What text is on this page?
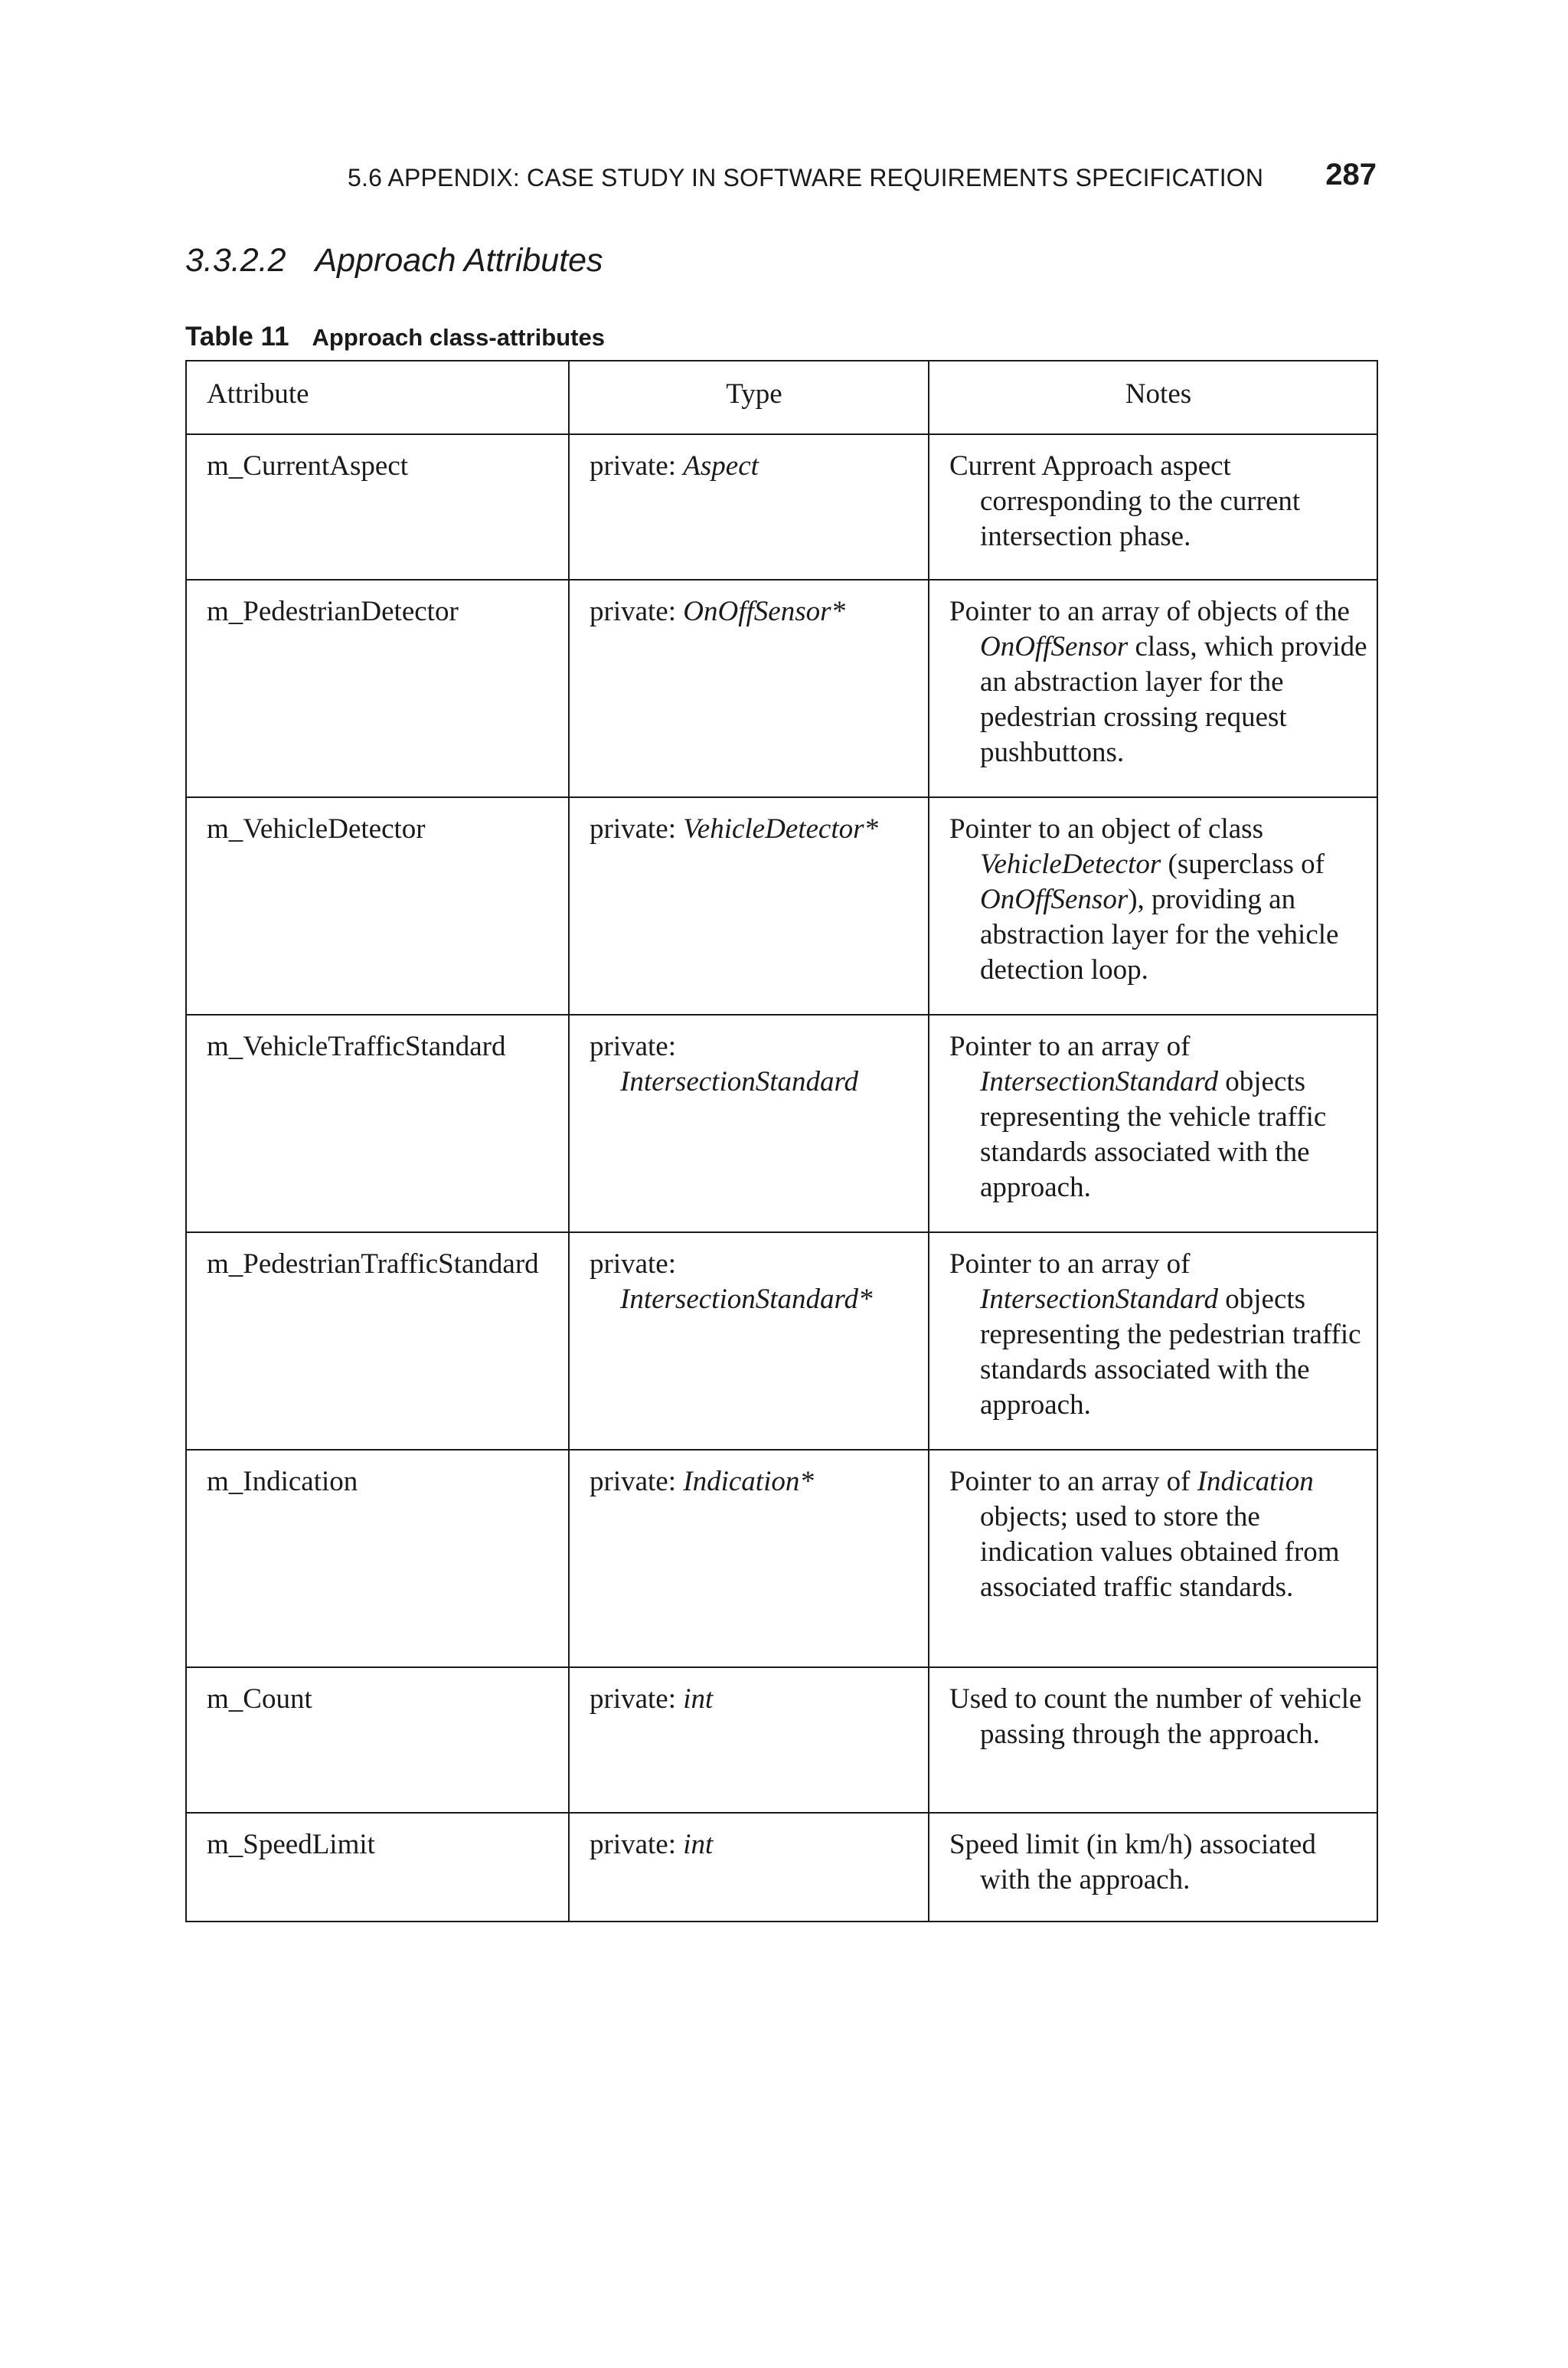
5.6 APPENDIX: CASE STUDY IN SOFTWARE REQUIREMENTS SPECIFICATION 287
3.3.2.2 Approach Attributes
Table 11 Approach class-attributes
Attribute	Type	Notes
m_CurrentAspect	private: Aspect	Current Approach aspect corresponding to the current intersection phase.

m_PedestrianDetector	private: OnOffSensor*	Pointer to an array of objects of the OnOffSensor class, which provide an abstraction layer for the pedestrian crossing request pushbuttons.

m_VehicleDetector	private: VehicleDetector*	Pointer to an object of class VehicleDetector (superclass of OnOffSensor), providing an abstraction layer for the vehicle detection loop.

m_VehicleTrafficStandard	private: IntersectionStandard	Pointer to an array of IntersectionStandard objects representing the vehicle traffic standards associated with the approach.

m_PedestrianTrafficStandard	private: IntersectionStandard*	Pointer to an array of IntersectionStandard objects representing the pedestrian traffic standards associated with the approach.

m_Indication	private: Indication*	Pointer to an array of Indication objects; used to store the indication values obtained from associated traffic standards.

m_Count	private: int	Used to count the number of vehicle passing through the approach.

m_SpeedLimit	private: int	Speed limit (in km/h) associated with the approach.
